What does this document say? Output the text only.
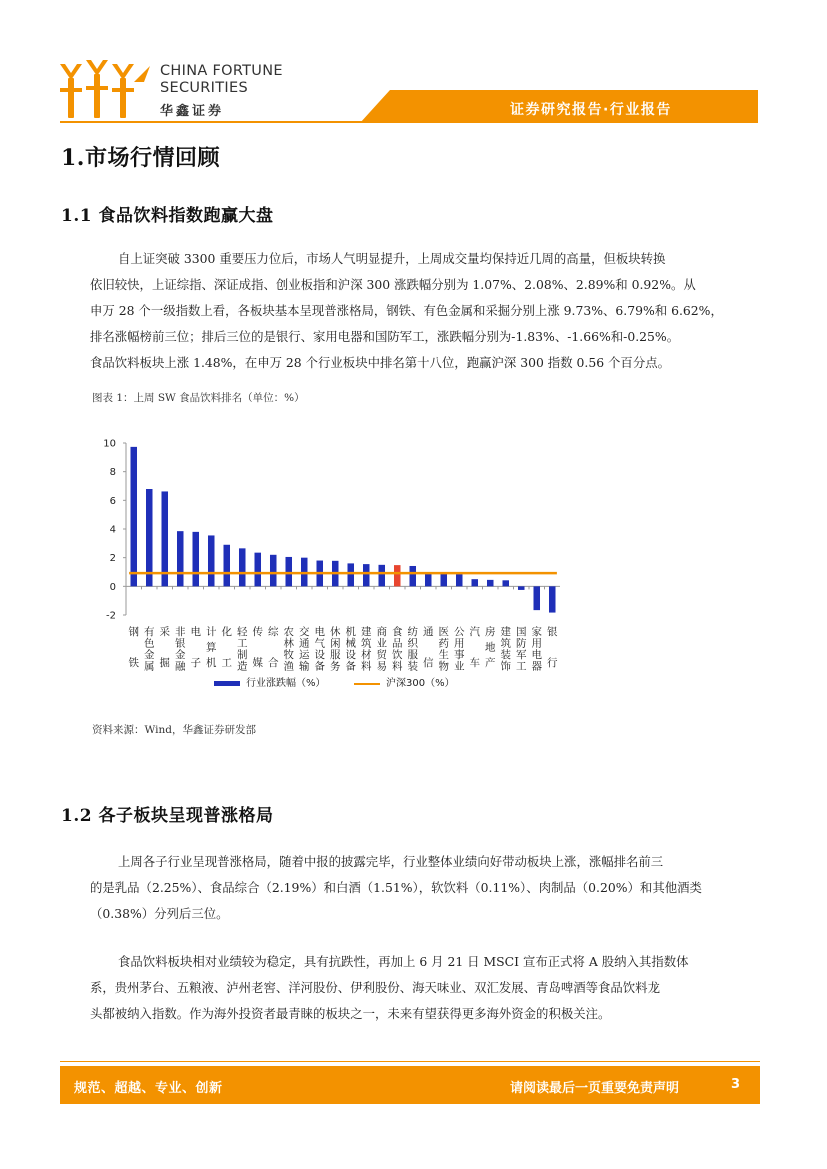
CHINA FORTUNE
SECURITIES
华鑫证券	证券研究报告·行业报告
1.市场行情回顾
1.1 食品饮料指数跑赢大盘
自上证突破 3300 重要压力位后，市场人气明显提升，上周成交量均保持近几周的高量，但板块转换
依旧较快，上证综指、深证成指、创业板指和沪深 300 涨跌幅分别为 1.07%、2.08%、2.89%和 0.92%。从
申万 28 个一级指数上看，各板块基本呈现普涨格局，钢铁、有色金属和采掘分别上涨 9.73%、6.79%和 6.62%，
排名涨幅榜前三位；排后三位的是银行、家用电器和国防军工，涨跌幅分别为-1.83%、-1.66%和-0.25%。
食品饮料板块上涨 1.48%，在申万 28 个行业板块中排名第十八位，跑赢沪深 300 指数 0.56 个百分点。
图表 1：上周 SW 食品饮料排名（单位：%）
-2
0
2
4
6
8
10
钢铁
有色金属
采掘
非银金融
电子
计算机
化工
轻工制造
传媒
综合
农林牧渔
交通运输
电气设备
休闲服务
机械设备
建筑材料
商业贸易
食品饮料
纺织服装
通信
医药生物
公用事业
汽车
房地产
建筑装饰
国防军工
家用电器
银行
行业涨跌幅（%）	沪深300（%）
资料来源：Wind，华鑫证券研发部
1.2 各子板块呈现普涨格局
上周各子行业呈现普涨格局，随着中报的披露完毕，行业整体业绩向好带动板块上涨，涨幅排名前三
的是乳品（2.25%）、食品综合（2.19%）和白酒（1.51%），软饮料（0.11%）、肉制品（0.20%）和其他酒类
（0.38%）分列后三位。
食品饮料板块相对业绩较为稳定，具有抗跌性，再加上 6 月 21 日 MSCI 宣布正式将 A 股纳入其指数体
系，贵州茅台、五粮液、泸州老窖、洋河股份、伊利股份、海天味业、双汇发展、青岛啤酒等食品饮料龙
头都被纳入指数。作为海外投资者最青睐的板块之一，未来有望获得更多海外资金的积极关注。
规范、超越、专业、创新	请阅读最后一页重要免责声明	3
